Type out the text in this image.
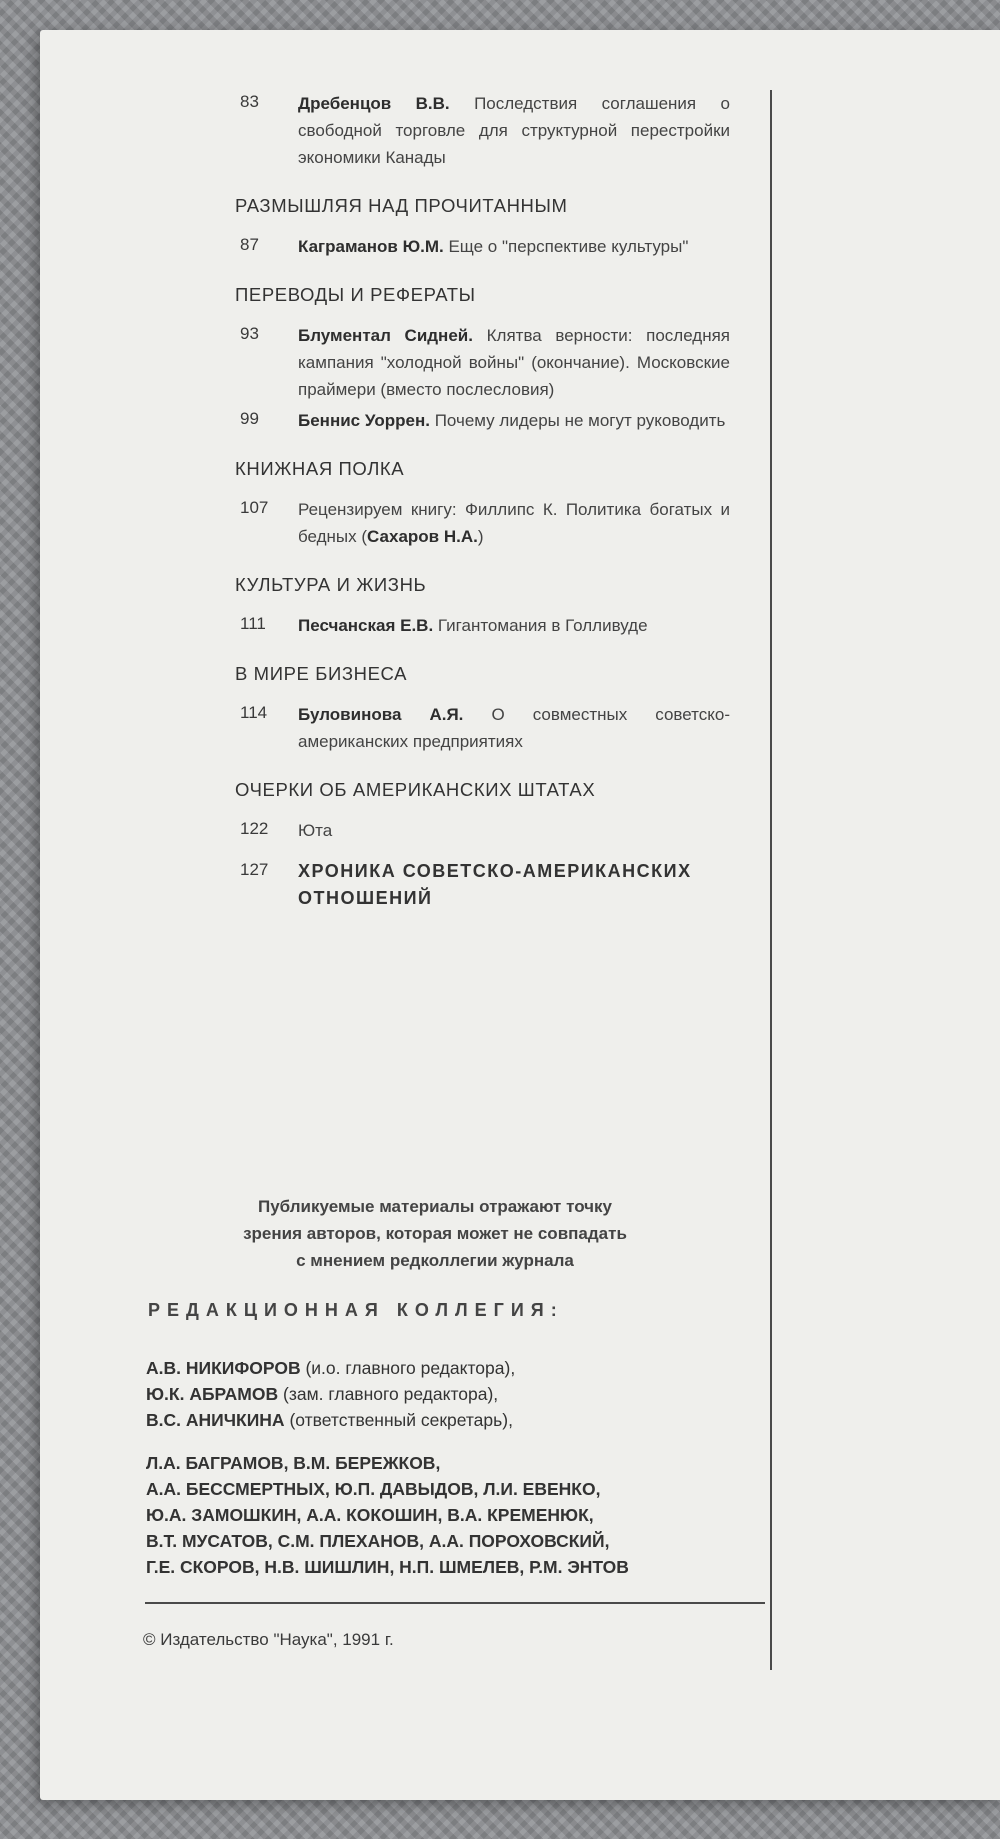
83	Дребенцов В.В. Последствия соглашения о свободной торговле для структурной перестройки экономики Канады
РАЗМЫШЛЯЯ НАД ПРОЧИТАННЫМ
87	Каграманов Ю.М. Еще о "перспективе культуры"
ПЕРЕВОДЫ И РЕФЕРАТЫ
93	Блументал Сидней. Клятва верности: последняя кампания "холодной войны" (окончание). Московские праймери (вместо послесловия)
99	Беннис Уоррен. Почему лидеры не могут руководить
КНИЖНАЯ ПОЛКА
107	Рецензируем книгу: Филлипс К. Политика богатых и бедных (Сахаров Н.А.)
КУЛЬТУРА И ЖИЗНЬ
111	Песчанская Е.В. Гигантомания в Голливуде
В МИРЕ БИЗНЕСА
114	Буловинова А.Я. О совместных советско-американских предприятиях
ОЧЕРКИ ОБ АМЕРИКАНСКИХ ШТАТАХ
122	Юта
127	ХРОНИКА СОВЕТСКО-АМЕРИКАНСКИХ ОТНОШЕНИЙ
Публикуемые материалы отражают точку
зрения авторов, которая может не совпадать
с мнением редколлегии журнала
РЕДАКЦИОННАЯ КОЛЛЕГИЯ:
А.В. НИКИФОРОВ (и.о. главного редактора),
Ю.К. АБРАМОВ (зам. главного редактора),
В.С. АНИЧКИНА (ответственный секретарь),
Л.А. БАГРАМОВ, В.М. БЕРЕЖКОВ,
А.А. БЕССМЕРТНЫХ, Ю.П. ДАВЫДОВ, Л.И. ЕВЕНКО,
Ю.А. ЗАМОШКИН, А.А. КОКОШИН, В.А. КРЕМЕНЮК,
В.Т. МУСАТОВ, С.М. ПЛЕХАНОВ, А.А. ПОРОХОВСКИЙ,
Г.Е. СКОРОВ, Н.В. ШИШЛИН, Н.П. ШМЕЛЕВ, Р.М. ЭНТОВ
© Издательство "Наука", 1991 г.
